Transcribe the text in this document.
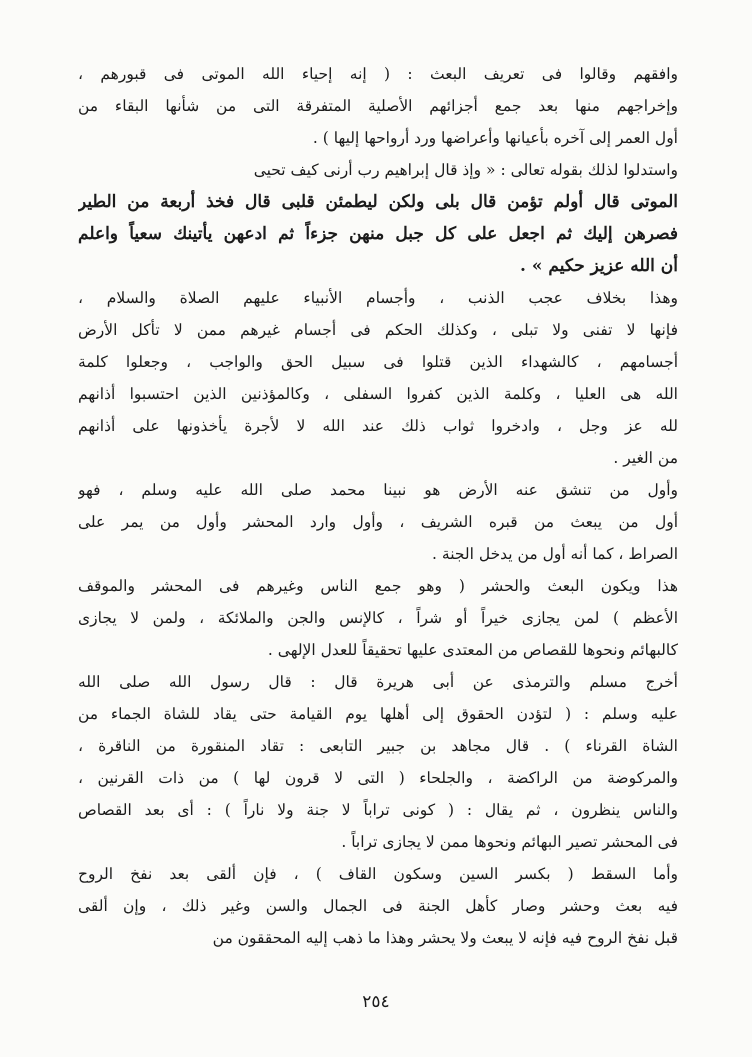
وافقهم وقالوا فى تعريف البعث : ( إنه إحياء الله الموتى فى قبورهم ،
وإخراجهم منها بعد جمع أجزائهم الأصلية المتفرقة التى من شأنها البقاء من
أول العمر إلى آخره بأعيانها وأعراضها ورد أرواحها إليها ) .
واستدلوا لذلك بقوله تعالى : « وإذ قال إبراهيم رب أرنى كيف تحيى
الموتى قال أولم تؤمن قال بلى ولكن ليطمئن قلبى قال فخذ أربعة من الطير
فصرهن إليك ثم اجعل على كل جبل منهن جزءاً ثم ادعهن يأتينك سعياً واعلم
أن الله عزيز حكيم » .
وهذا بخلاف عجب الذنب ، وأجسام الأنبياء عليهم الصلاة والسلام ،
فإنها لا تفنى ولا تبلى ، وكذلك الحكم فى أجسام غيرهم ممن لا تأكل الأرض
أجسامهم ، كالشهداء الذين قتلوا فى سبيل الحق والواجب ، وجعلوا كلمة
الله هى العليا ، وكلمة الذين كفروا السفلى ، وكالمؤذنين الذين احتسبوا أذانهم
لله عز وجل ، وادخروا ثواب ذلك عند الله لا لأجرة يأخذونها على أذانهم
من الغير .
وأول من تنشق عنه الأرض هو نبينا محمد صلى الله عليه وسلم ، فهو
أول من يبعث من قبره الشريف ، وأول وارد المحشر وأول من يمر على
الصراط ، كما أنه أول من يدخل الجنة .
هذا ويكون البعث والحشر ( وهو جمع الناس وغيرهم فى المحشر والموقف
الأعظم ) لمن يجازى خيراً أو شراً ، كالإنس والجن والملائكة ، ولمن لا يجازى
كالبهائم ونحوها للقصاص من المعتدى عليها تحقيقاً للعدل الإلهى .
أخرج مسلم والترمذى عن أبى هريرة قال : قال رسول الله صلى الله
عليه وسلم : ( لتؤدن الحقوق إلى أهلها يوم القيامة حتى يقاد للشاة الجماء من
الشاة القرناء ) . قال مجاهد بن جبير التابعى : تقاد المنقورة من الناقرة ،
والمركوضة من الراكضة ، والجلحاء ( التى لا قرون لها ) من ذات القرنين ،
والناس ينظرون ، ثم يقال : ( كونى تراباً لا جنة ولا ناراً ) : أى بعد القصاص
فى المحشر تصير البهائم ونحوها ممن لا يجازى تراباً .
وأما السقط ( بكسر السين وسكون القاف ) ، فإن ألقى بعد نفخ الروح
فيه بعث وحشر وصار كأهل الجنة فى الجمال والسن وغير ذلك ، وإن ألقى
قبل نفخ الروح فيه فإنه لا يبعث ولا يحشر وهذا ما ذهب إليه المحققون من
٢٥٤
